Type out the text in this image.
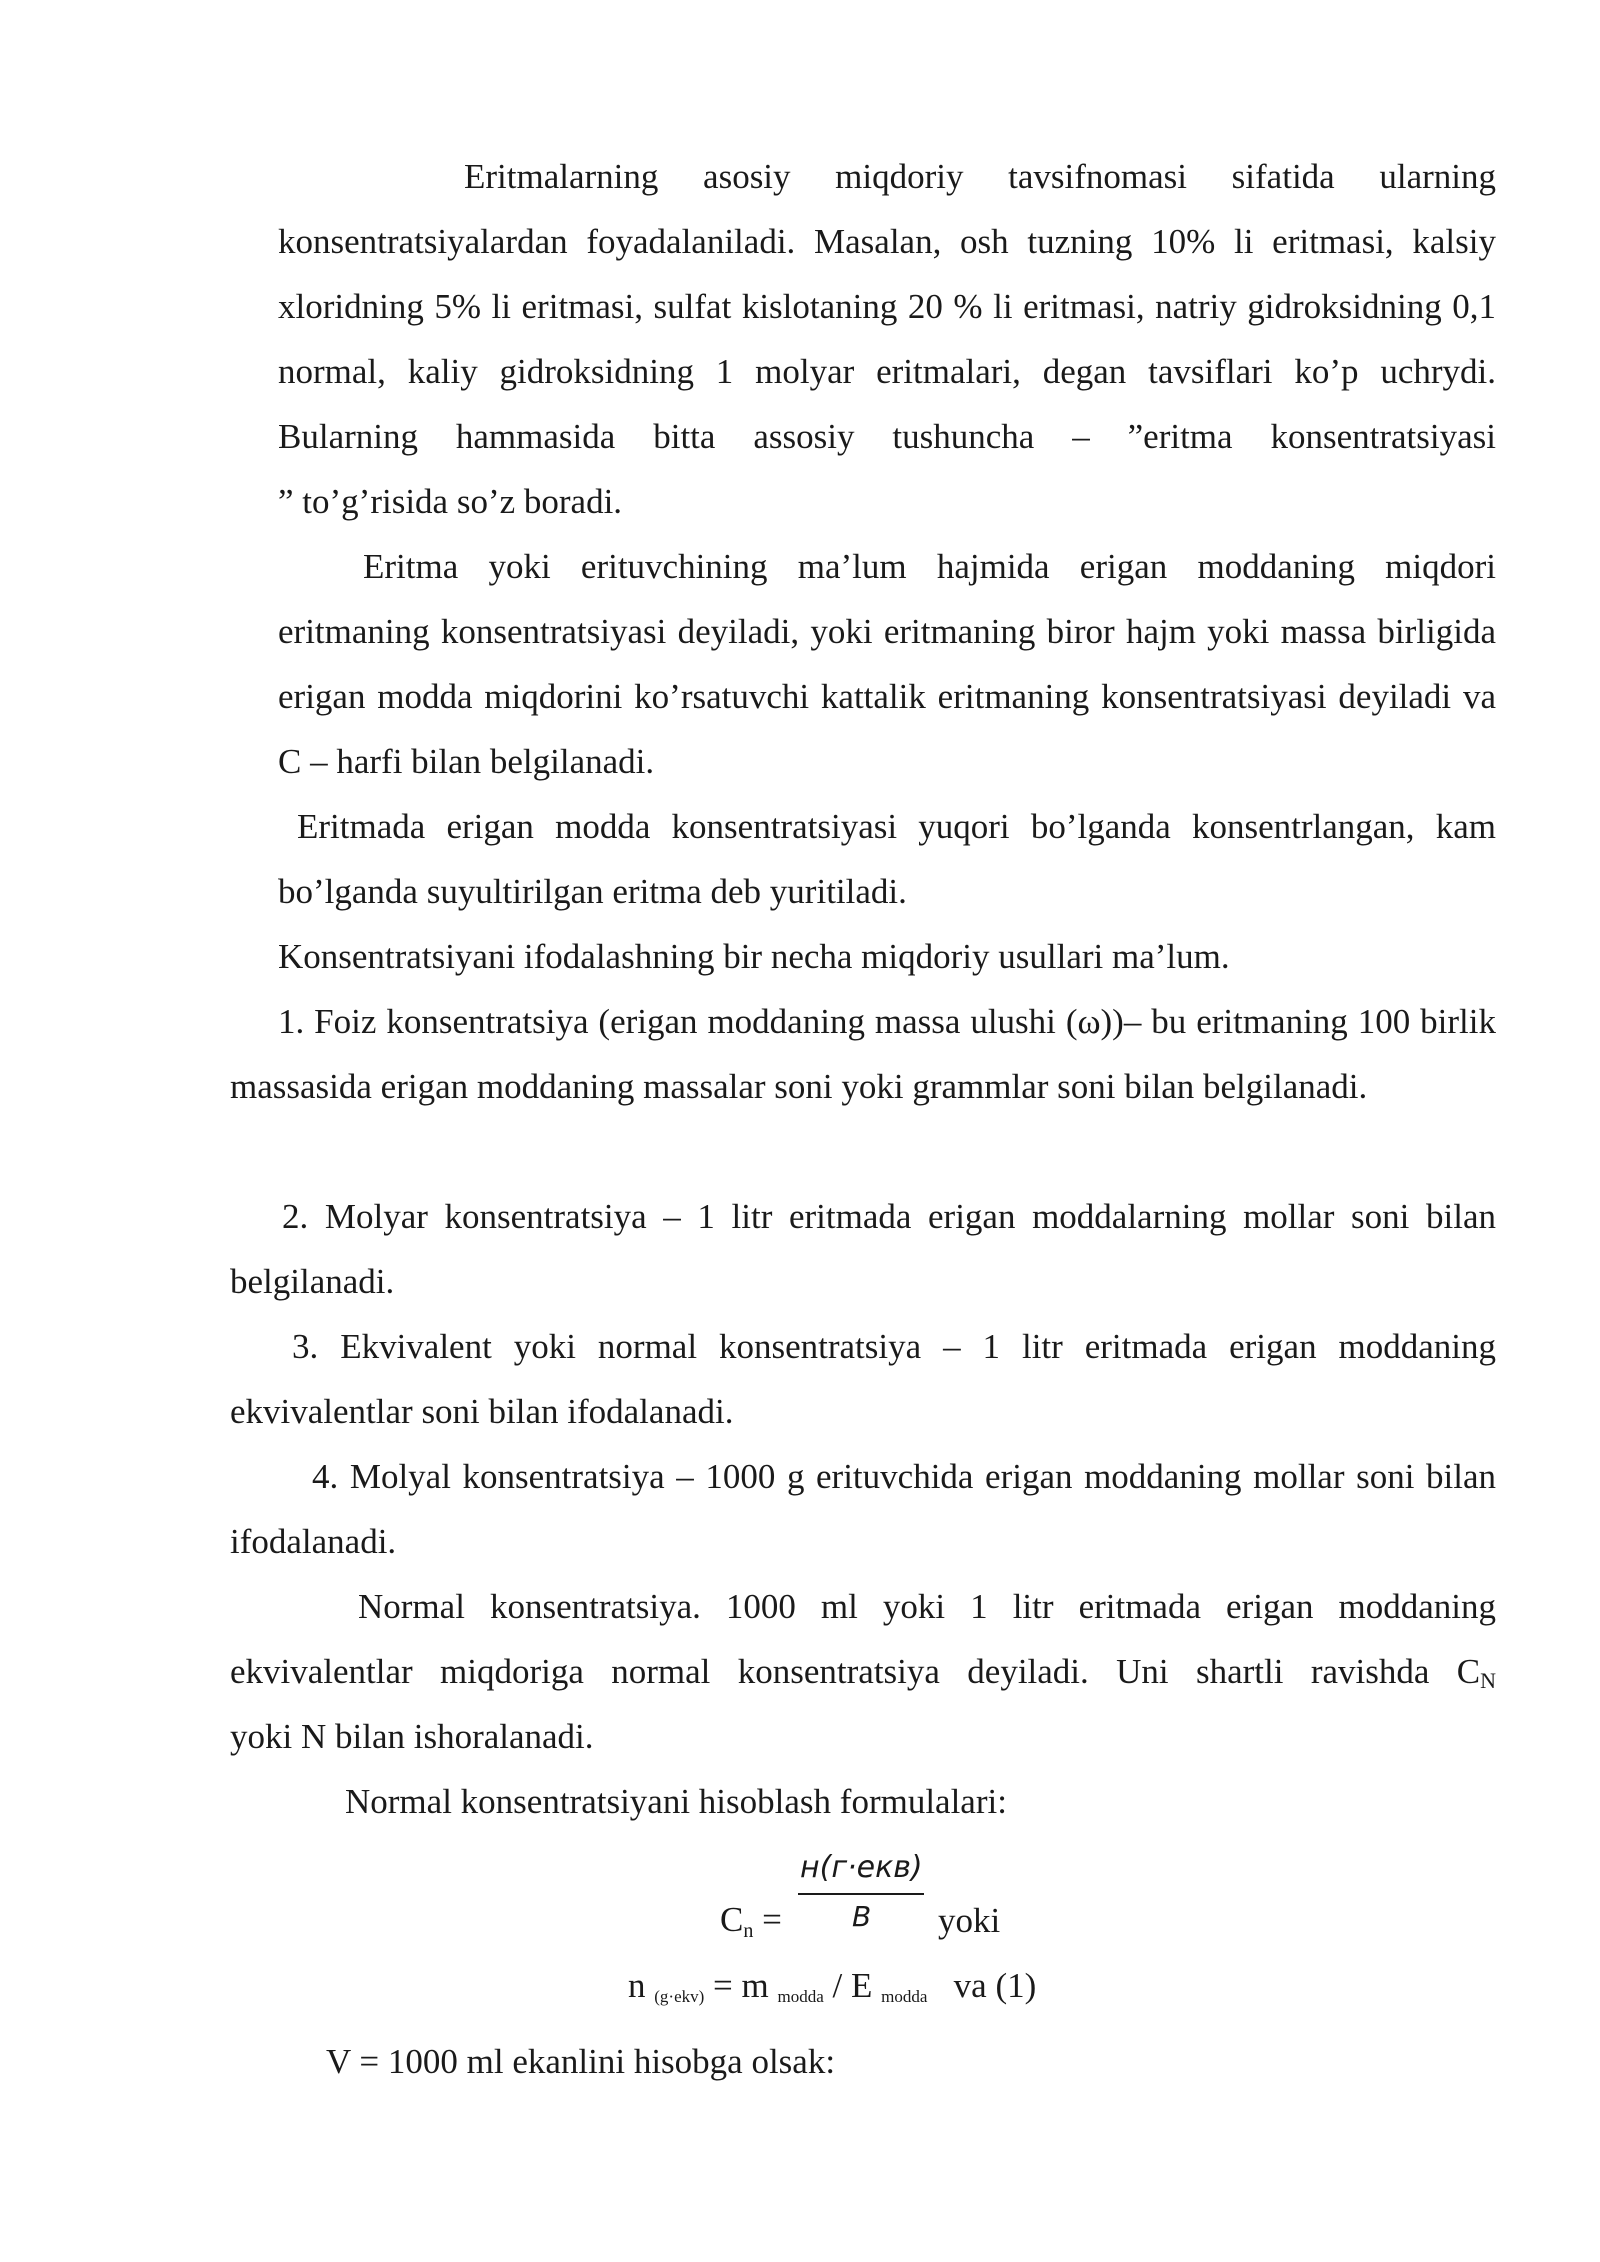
Eritmalarning asosiy miqdoriy tavsifnomasi sifatida ularning

konsentratsiyalardan foyadalaniladi. Masalan, osh tuzning 10% li eritmasi, kalsiy xloridning 5% li eritmasi, sulfat kislotaning 20 % li eritmasi, natriy gidroksidning 0,1 normal, kaliy gidroksidning 1 molyar eritmalari, degan tavsiflari ko’p uchrydi. Bularning hammasida bitta assosiy tushuncha – ”eritma konsentratsiyasi

” to’g’risida so’z boradi.

Eritma yoki erituvchining ma’lum hajmida erigan moddaning miqdori eritmaning konsentratsiyasi deyiladi, yoki eritmaning biror hajm yoki massa birligida erigan modda miqdorini ko’rsatuvchi kattalik eritmaning konsentratsiyasi deyiladi va C – harfi bilan belgilanadi.

Eritmada erigan modda konsentratsiyasi yuqori bo’lganda konsentrlangan, kam bo’lganda suyultirilgan eritma deb yuritiladi.

Konsentratsiyani ifodalashning bir necha miqdoriy usullari ma’lum.

1. Foiz konsentratsiya (erigan moddaning massa ulushi (ω))– bu eritmaning 100 birlik massasida erigan moddaning massalar soni yoki grammlar soni bilan belgilanadi.

2. Molyar konsentratsiya – 1 litr eritmada erigan moddalarning mollar soni bilan belgilanadi.

3. Ekvivalent yoki normal konsentratsiya – 1 litr eritmada erigan moddaning ekvivalentlar soni bilan ifodalanadi.

4. Molyal konsentratsiya – 1000 g erituvchida erigan moddaning mollar soni bilan ifodalanadi.

Normal konsentratsiya. 1000 ml yoki 1 litr eritmada erigan moddaning ekvivalentlar miqdoriga normal konsentratsiya deyiladi. Uni shartli ravishda CN

yoki N bilan ishoralanadi.

Normal konsentratsiyani hisoblash formulalari:

$C_n$ =
н(г·екв)
В yoki
n (g·ekv) = m modda / E modda va (1)

V = 1000 ml ekanlini hisobga olsak:
